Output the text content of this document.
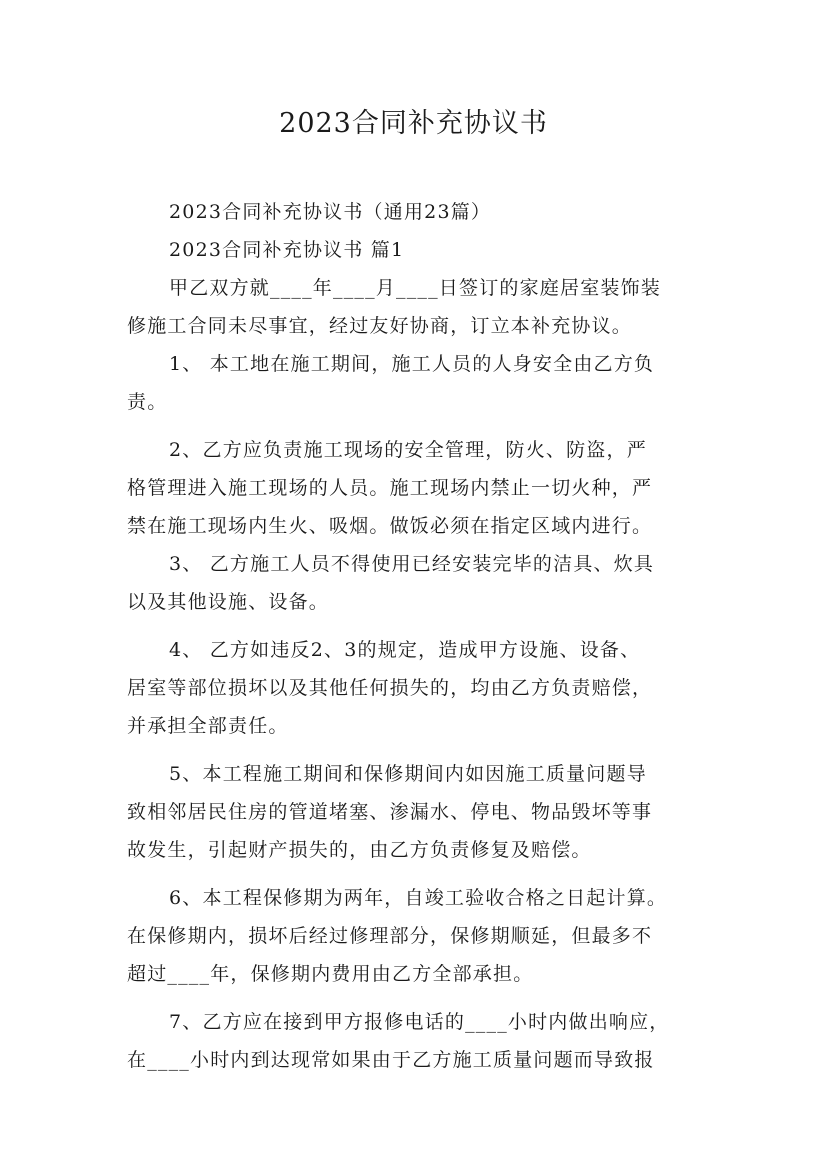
2023合同补充协议书
2023合同补充协议书（通用23篇）
2023合同补充协议书 篇1
甲乙双方就____年____月____日签订的家庭居室装饰装
修施工合同未尽事宜，经过友好协商，订立本补充协议。
1、 本工地在施工期间，施工人员的人身安全由乙方负
责。
2、乙方应负责施工现场的安全管理，防火、防盗，严
格管理进入施工现场的人员。施工现场内禁止一切火种，严
禁在施工现场内生火、吸烟。做饭必须在指定区域内进行。
3、 乙方施工人员不得使用已经安装完毕的洁具、炊具
以及其他设施、设备。
4、 乙方如违反2、3的规定，造成甲方设施、设备、
居室等部位损坏以及其他任何损失的，均由乙方负责赔偿，
并承担全部责任。
5、本工程施工期间和保修期间内如因施工质量问题导
致相邻居民住房的管道堵塞、渗漏水、停电、物品毁坏等事
故发生，引起财产损失的，由乙方负责修复及赔偿。
6、本工程保修期为两年，自竣工验收合格之日起计算。
在保修期内，损坏后经过修理部分，保修期顺延，但最多不
超过____年，保修期内费用由乙方全部承担。
7、乙方应在接到甲方报修电话的____小时内做出响应，
在____小时内到达现常如果由于乙方施工质量问题而导致报
